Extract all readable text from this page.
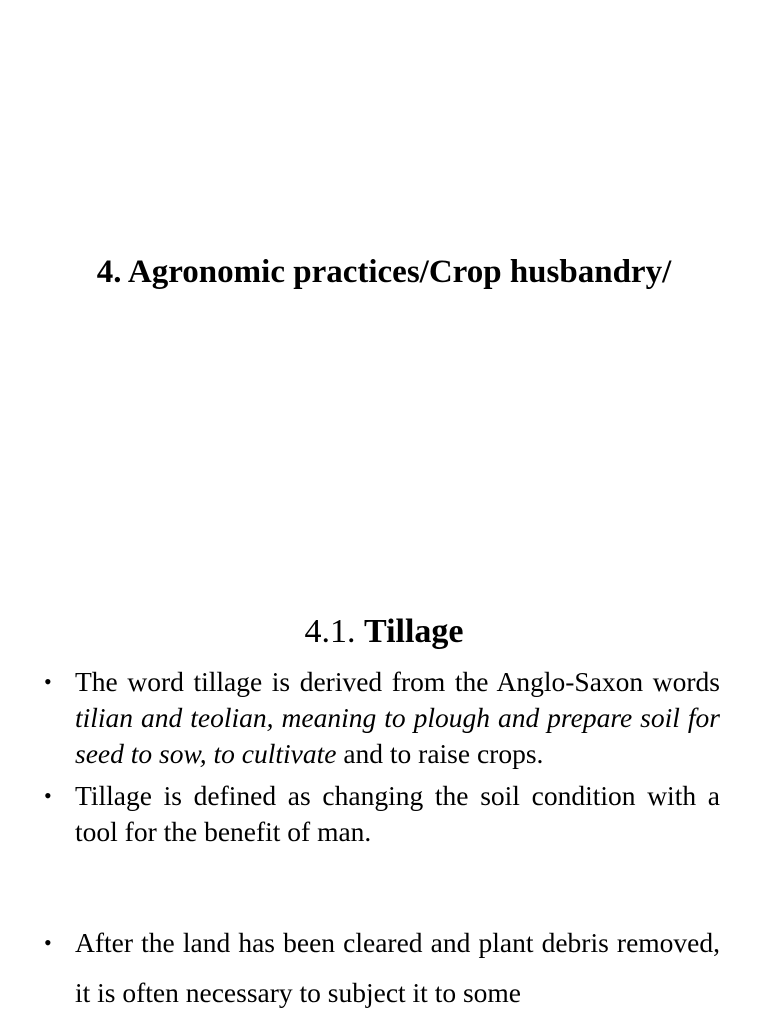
4. Agronomic practices/Crop husbandry/
4.1. Tillage
• The word tillage is derived from the Anglo-Saxon words tilian and teolian, meaning to plough and prepare soil for seed to sow, to cultivate and to raise crops.
• Tillage is defined as changing the soil condition with a tool for the benefit of man.
• After the land has been cleared and plant debris removed, it is often necessary to subject it to some
